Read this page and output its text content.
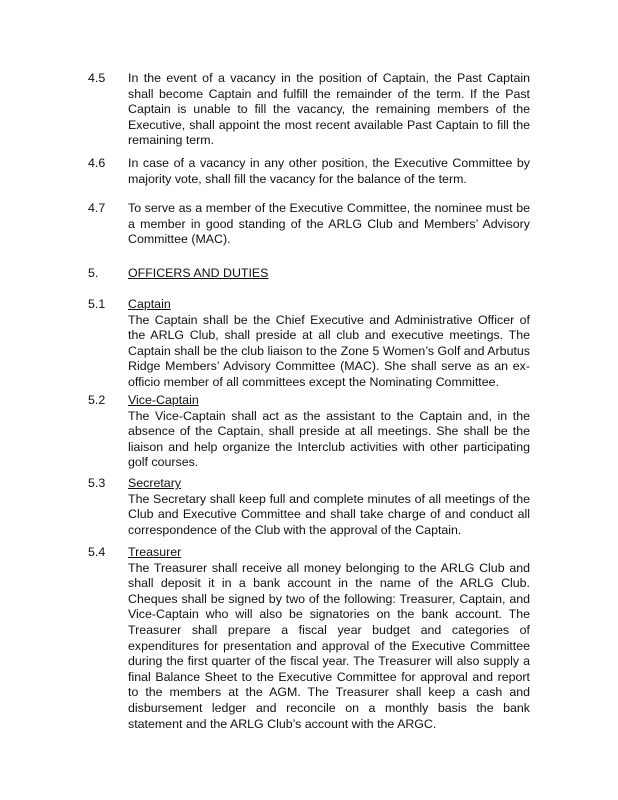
4.5	In the event of a vacancy in the position of Captain, the Past Captain shall become Captain and fulfill the remainder of the term. If the Past Captain is unable to fill the vacancy, the remaining members of the Executive, shall appoint the most recent available Past Captain to fill the remaining term.
4.6	In case of a vacancy in any other position, the Executive Committee by majority vote, shall fill the vacancy for the balance of the term.
4.7	To serve as a member of the Executive Committee, the nominee must be a member in good standing of the ARLG Club and Members’ Advisory Committee (MAC).
5.	OFFICERS AND DUTIES
5.1	Captain
The Captain shall be the Chief Executive and Administrative Officer of the ARLG Club, shall preside at all club and executive meetings. The Captain shall be the club liaison to the Zone 5 Women’s Golf and Arbutus Ridge Members’ Advisory Committee (MAC). She shall serve as an ex-officio member of all committees except the Nominating Committee.
5.2	Vice-Captain
The Vice-Captain shall act as the assistant to the Captain and, in the absence of the Captain, shall preside at all meetings. She shall be the liaison and help organize the Interclub activities with other participating golf courses.
5.3	Secretary
The Secretary shall keep full and complete minutes of all meetings of the Club and Executive Committee and shall take charge of and conduct all correspondence of the Club with the approval of the Captain.
5.4	Treasurer
The Treasurer shall receive all money belonging to the ARLG Club and shall deposit it in a bank account in the name of the ARLG Club. Cheques shall be signed by two of the following: Treasurer, Captain, and Vice-Captain who will also be signatories on the bank account. The Treasurer shall prepare a fiscal year budget and categories of expenditures for presentation and approval of the Executive Committee during the first quarter of the fiscal year. The Treasurer will also supply a final Balance Sheet to the Executive Committee for approval and report to the members at the AGM. The Treasurer shall keep a cash and disbursement ledger and reconcile on a monthly basis the bank statement and the ARLG Club’s account with the ARGC.
